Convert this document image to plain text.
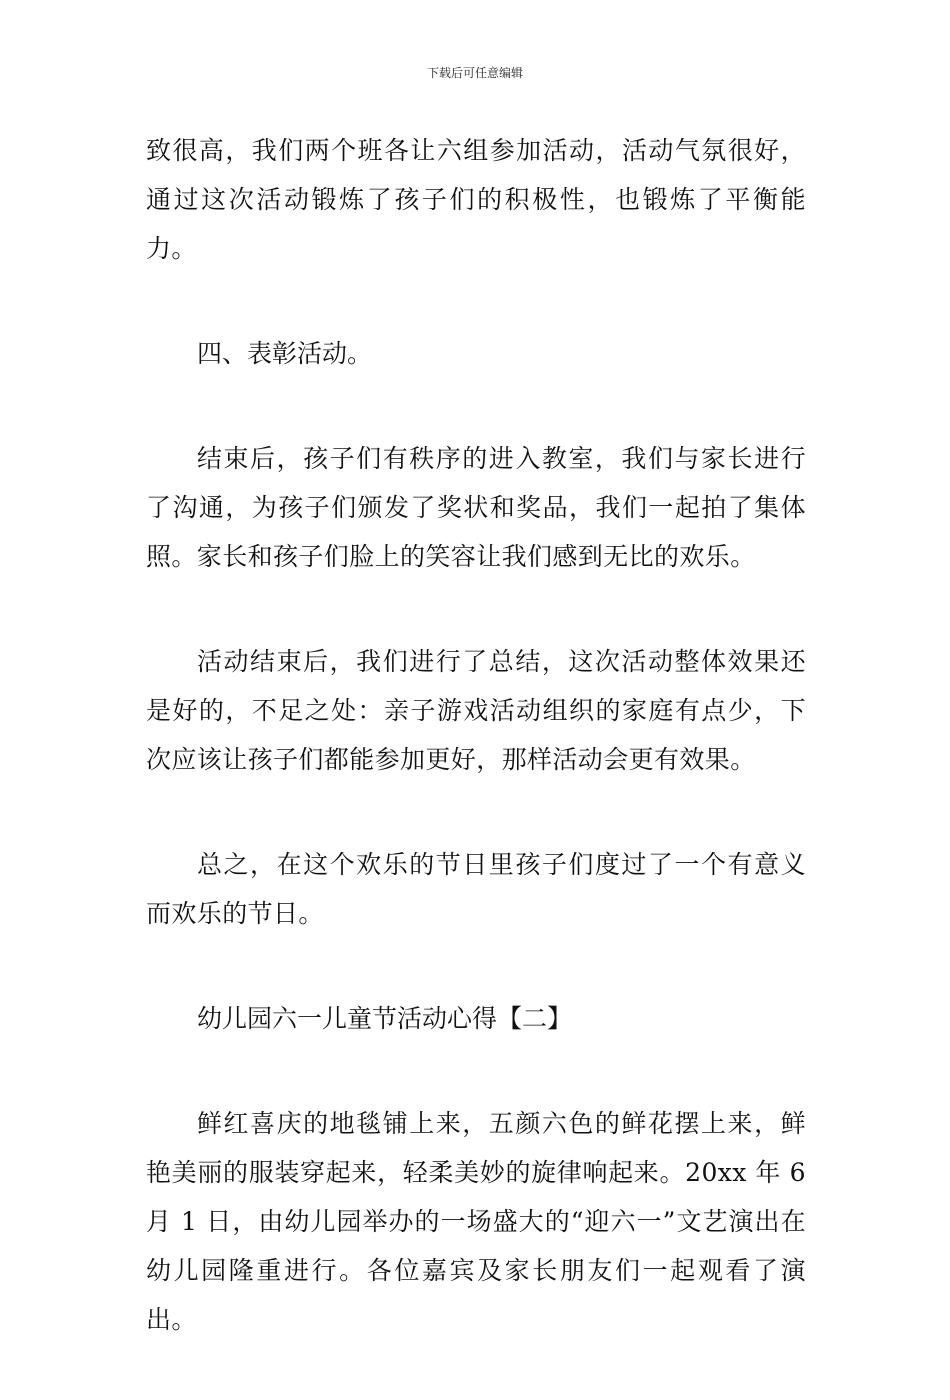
下载后可任意编辑

致很高，我们两个班各让六组参加活动，活动气氛很好，通过这次活动锻炼了孩子们的积极性，也锻炼了平衡能力。

四、表彰活动。

结束后，孩子们有秩序的进入教室，我们与家长进行了沟通，为孩子们颁发了奖状和奖品，我们一起拍了集体照。家长和孩子们脸上的笑容让我们感到无比的欢乐。

活动结束后，我们进行了总结，这次活动整体效果还是好的，不足之处：亲子游戏活动组织的家庭有点少，下次应该让孩子们都能参加更好，那样活动会更有效果。

总之，在这个欢乐的节日里孩子们度过了一个有意义而欢乐的节日。

幼儿园六一儿童节活动心得【二】

鲜红喜庆的地毯铺上来，五颜六色的鲜花摆上来，鲜艳美丽的服装穿起来，轻柔美妙的旋律响起来。20xx 年 6 月 1 日，由幼儿园举办的一场盛大的“迎六一”文艺演出在幼儿园隆重进行。各位嘉宾及家长朋友们一起观看了演出。
